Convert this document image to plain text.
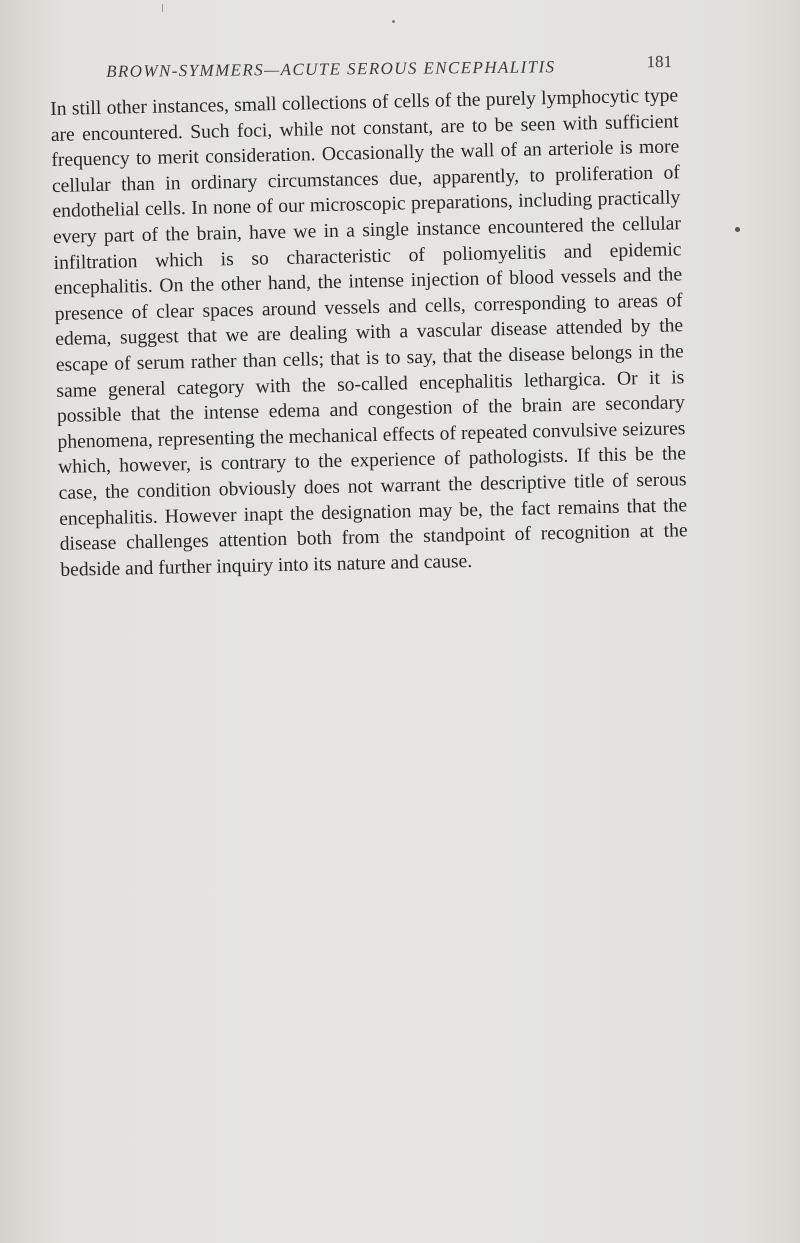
BROWN-SYMMERS—ACUTE SEROUS ENCEPHALITIS	181

In still other instances, small collections of cells of the purely lymphocytic type are encountered. Such foci, while not constant, are to be seen with sufficient frequency to merit consideration. Occasionally the wall of an arteriole is more cellular than in ordinary circumstances due, apparently, to proliferation of endothelial cells. In none of our microscopic preparations, including practically every part of the brain, have we in a single instance encountered the cellular infiltration which is so characteristic of poliomyelitis and epidemic encephalitis. On the other hand, the intense injection of blood vessels and the presence of clear spaces around vessels and cells, corresponding to areas of edema, suggest that we are dealing with a vascular disease attended by the escape of serum rather than cells; that is to say, that the disease belongs in the same general category with the so-called encephalitis lethargica. Or it is possible that the intense edema and congestion of the brain are secondary phenomena, representing the mechanical effects of repeated convulsive seizures which, however, is contrary to the experience of pathologists. If this be the case, the condition obviously does not warrant the descriptive title of serous encephalitis. However inapt the designation may be, the fact remains that the disease challenges attention both from the standpoint of recognition at the bedside and further inquiry into its nature and cause.
